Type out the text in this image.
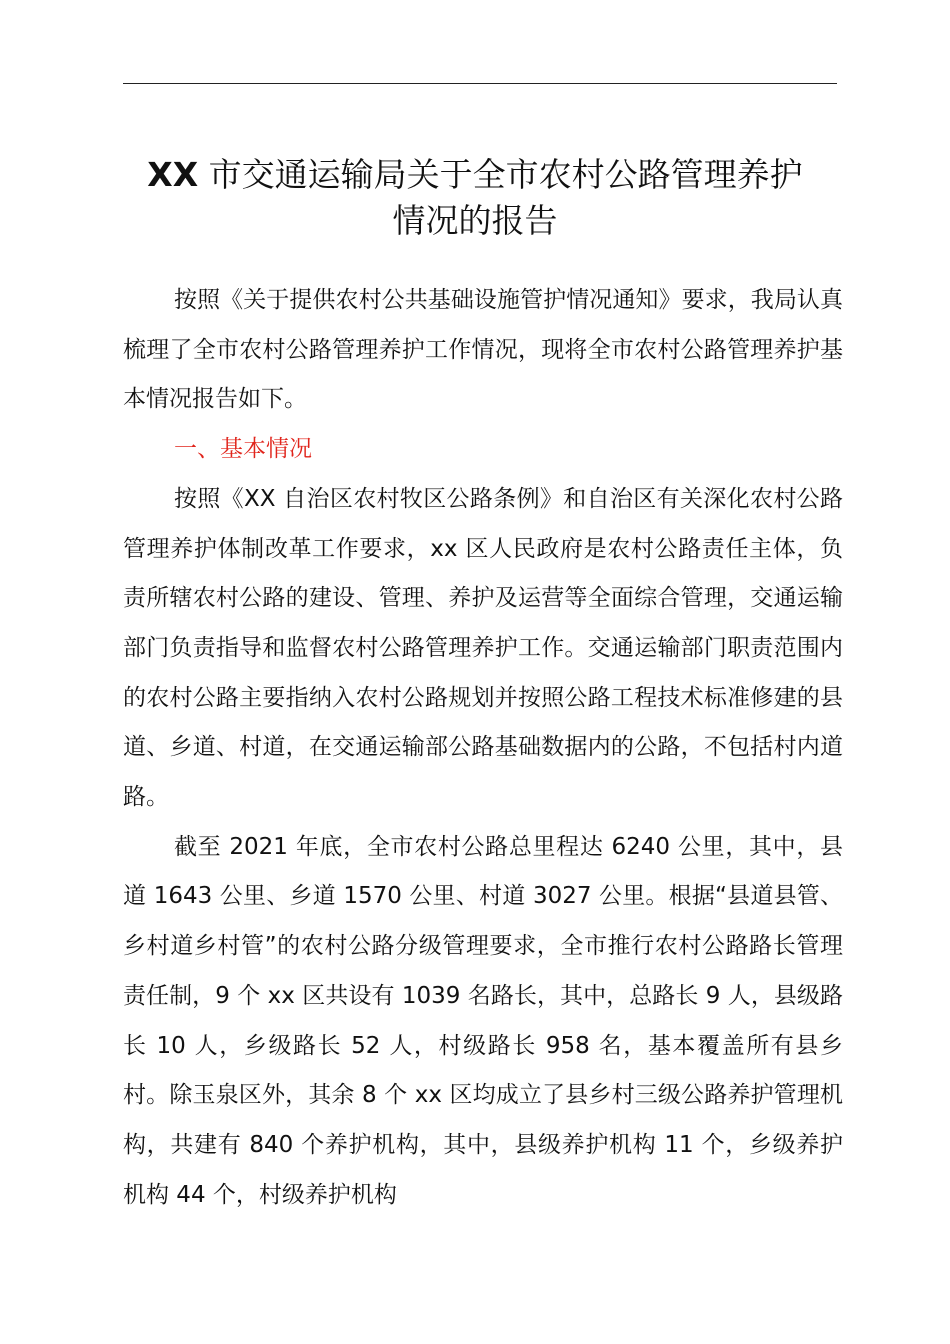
XX 市交通运输局关于全市农村公路管理养护
情况的报告

按照《关于提供农村公共基础设施管护情况通知》要求，我局认真梳理了全市农村公路管理养护工作情况，现将全市农村公路管理养护基本情况报告如下。

一、基本情况

按照《XX 自治区农村牧区公路条例》和自治区有关深化农村公路管理养护体制改革工作要求，xx 区人民政府是农村公路责任主体，负责所辖农村公路的建设、管理、养护及运营等全面综合管理，交通运输部门负责指导和监督农村公路管理养护工作。交通运输部门职责范围内的农村公路主要指纳入农村公路规划并按照公路工程技术标准修建的县道、乡道、村道，在交通运输部公路基础数据内的公路，不包括村内道路。

截至 2021 年底，全市农村公路总里程达 6240 公里，其中，县道 1643 公里、乡道 1570 公里、村道 3027 公里。根据“县道县管、乡村道乡村管”的农村公路分级管理要求，全市推行农村公路路长管理责任制，9 个 xx 区共设有 1039 名路长，其中，总路长 9 人，县级路长 10 人，乡级路长 52 人，村级路长 958 名，基本覆盖所有县乡村。除玉泉区外，其余 8 个 xx 区均成立了县乡村三级公路养护管理机构，共建有 840 个养护机构，其中，县级养护机构 11 个，乡级养护机构 44 个，村级养护机构
